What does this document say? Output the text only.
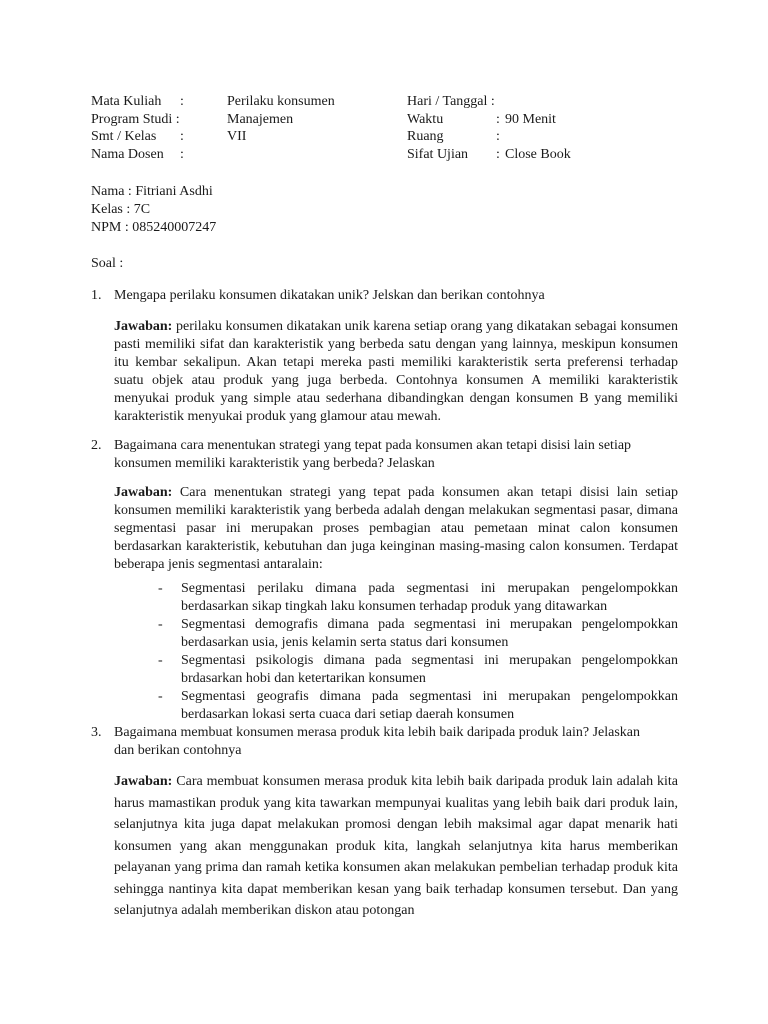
Mata Kuliah :	Perilaku konsumen	Hari / Tanggal :
Program Studi :	Manajemen	Waktu	: 90 Menit
Smt / Kelas :	VII	Ruang	:
Nama Dosen :	Sifat Ujian : Close Book
Nama : Fitriani Asdhi
Kelas : 7C
NPM : 085240007247
Soal :
1. Mengapa perilaku konsumen dikatakan unik? Jelskan dan berikan contohnya
Jawaban: perilaku konsumen dikatakan unik karena setiap orang yang dikatakan sebagai konsumen pasti memiliki sifat dan karakteristik yang berbeda satu dengan yang lainnya, meskipun konsumen itu kembar sekalipun. Akan tetapi mereka pasti memiliki karakteristik serta preferensi terhadap suatu objek atau produk yang juga berbeda. Contohnya konsumen A memiliki karakteristik menyukai produk yang simple atau sederhana dibandingkan dengan konsumen B yang memiliki karakteristik menyukai produk yang glamour atau mewah.
2. Bagaimana cara menentukan strategi yang tepat pada konsumen akan tetapi disisi lain setiap konsumen memiliki karakteristik yang berbeda? Jelaskan
Jawaban: Cara menentukan strategi yang tepat pada konsumen akan tetapi disisi lain setiap konsumen memiliki karakteristik yang berbeda adalah dengan melakukan segmentasi pasar, dimana segmentasi pasar ini merupakan proses pembagian atau pemetaan minat calon konsumen berdasarkan karakteristik, kebutuhan dan juga keinginan masing-masing calon konsumen. Terdapat beberapa jenis segmentasi antaralain:
- Segmentasi perilaku dimana pada segmentasi ini merupakan pengelompokkan berdasarkan sikap tingkah laku konsumen terhadap produk yang ditawarkan
- Segmentasi demografis dimana pada segmentasi ini merupakan pengelompokkan berdasarkan usia, jenis kelamin serta status dari konsumen
- Segmentasi psikologis dimana pada segmentasi ini merupakan pengelompokkan brdasarkan hobi dan ketertarikan konsumen
- Segmentasi geografis dimana pada segmentasi ini merupakan pengelompokkan berdasarkan lokasi serta cuaca dari setiap daerah konsumen
3. Bagaimana membuat konsumen merasa produk kita lebih baik daripada produk lain? Jelaskan dan berikan contohnya
Jawaban: Cara membuat konsumen merasa produk kita lebih baik daripada produk lain adalah kita harus mamastikan produk yang kita tawarkan mempunyai kualitas yang lebih baik dari produk lain, selanjutnya kita juga dapat melakukan promosi dengan lebih maksimal agar dapat menarik hati konsumen yang akan menggunakan produk kita, langkah selanjutnya kita harus memberikan pelayanan yang prima dan ramah ketika konsumen akan melakukan pembelian terhadap produk kita sehingga nantinya kita dapat memberikan kesan yang baik terhadap konsumen tersebut. Dan yang selanjutnya adalah memberikan diskon atau potongan
